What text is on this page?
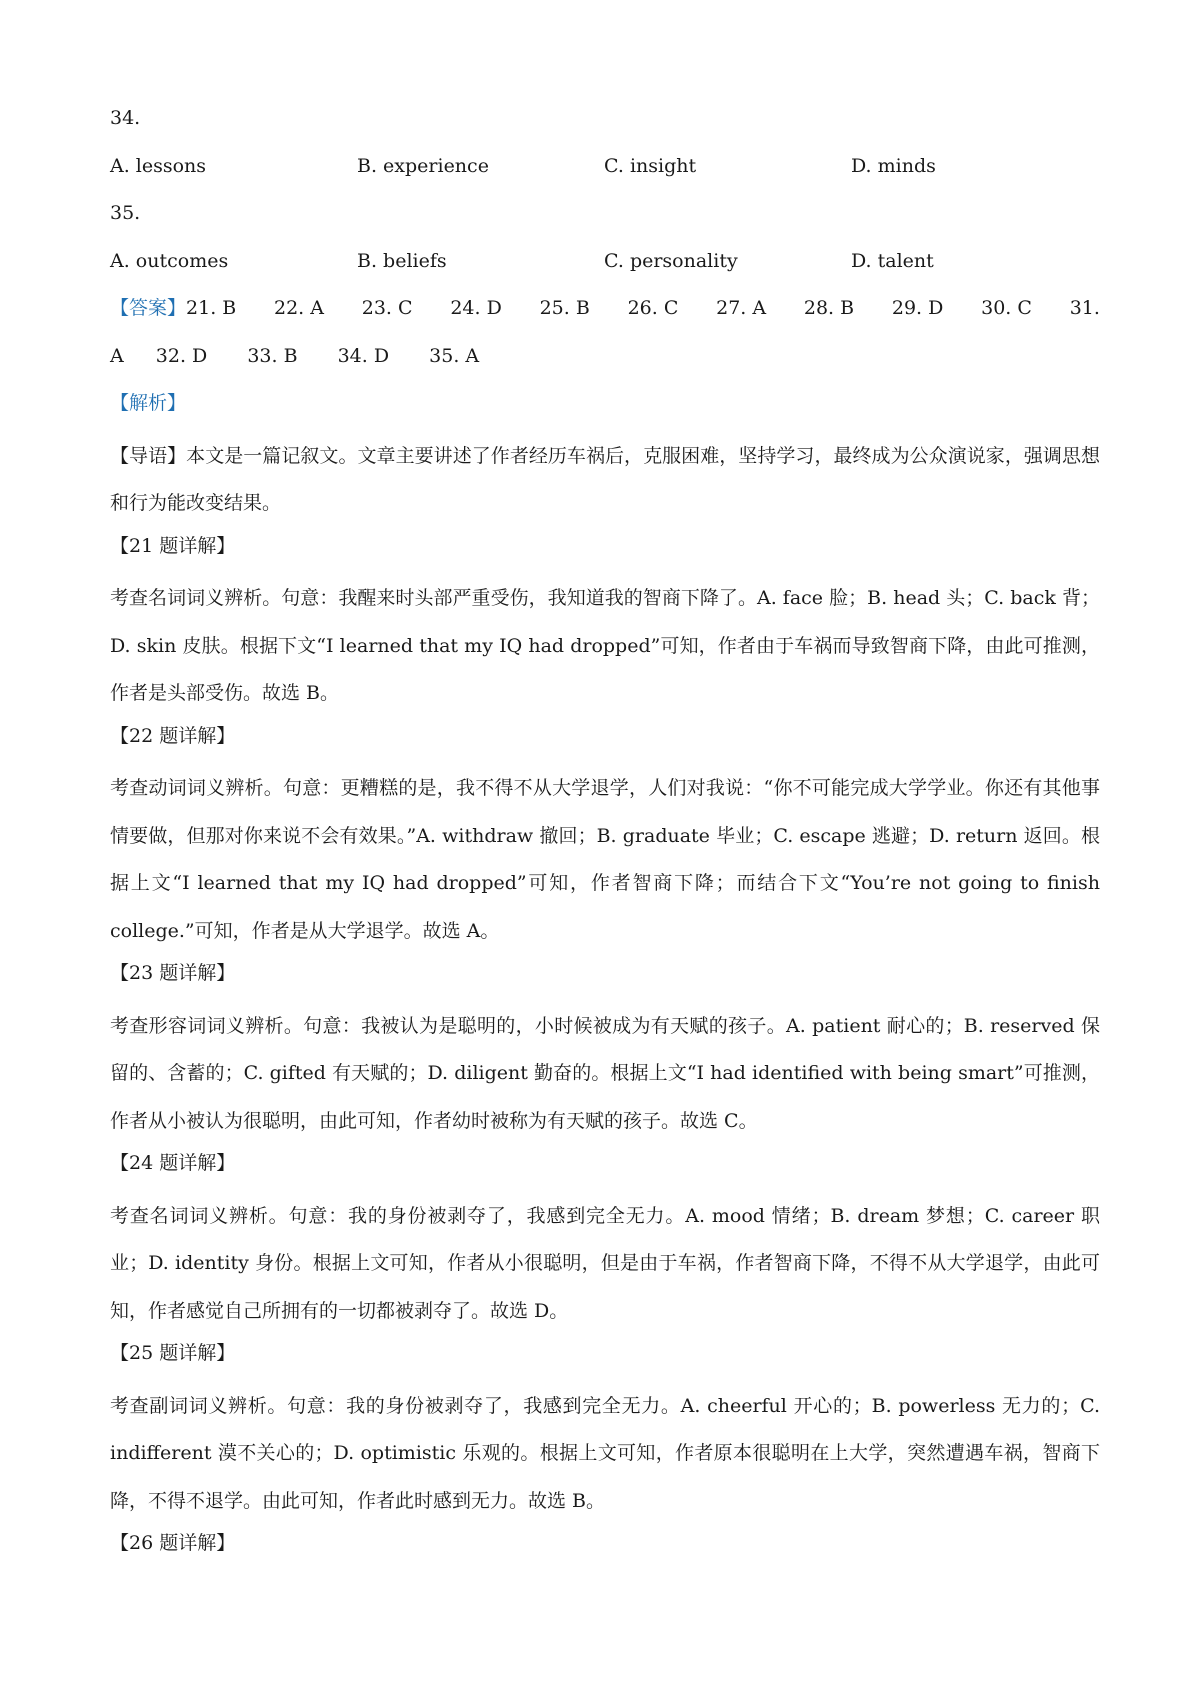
34.
A. lessons	B. experience	C. insight	D. minds
35.
A. outcomes	B. beliefs	C. personality	D. talent
【答案】21. B 22. A 23. C 24. D 25. B 26. C 27. A 28. B 29. D 30. C 31.
A 32. D 33. B 34. D 35. A
【解析】
【导语】本文是一篇记叙文。文章主要讲述了作者经历车祸后，克服困难，坚持学习，最终成为公众演说家，强调思想和行为能改变结果。
【21 题详解】
考查名词词义辨析。句意：我醒来时头部严重受伤，我知道我的智商下降了。A. face 脸；B. head 头；C. back 背；D. skin 皮肤。根据下文“I learned that my IQ had dropped”可知，作者由于车祸而导致智商下降，由此可推测，作者是头部受伤。故选 B。
【22 题详解】
考查动词词义辨析。句意：更糟糕的是，我不得不从大学退学，人们对我说：“你不可能完成大学学业。你还有其他事情要做，但那对你来说不会有效果。”A. withdraw 撤回；B. graduate 毕业；C. escape 逃避；D. return 返回。根据上文“I learned that my IQ had dropped”可知，作者智商下降；而结合下文“You’re not going to finish college.”可知，作者是从大学退学。故选 A。
【23 题详解】
考查形容词词义辨析。句意：我被认为是聪明的，小时候被成为有天赋的孩子。A. patient 耐心的；B. reserved 保留的、含蓄的；C. gifted 有天赋的；D. diligent 勤奋的。根据上文“I had identified with being smart”可推测，作者从小被认为很聪明，由此可知，作者幼时被称为有天赋的孩子。故选 C。
【24 题详解】
考查名词词义辨析。句意：我的身份被剥夺了，我感到完全无力。A. mood 情绪；B. dream 梦想；C. career 职业；D. identity 身份。根据上文可知，作者从小很聪明，但是由于车祸，作者智商下降，不得不从大学退学，由此可知，作者感觉自己所拥有的一切都被剥夺了。故选 D。
【25 题详解】
考查副词词义辨析。句意：我的身份被剥夺了，我感到完全无力。A. cheerful 开心的；B. powerless 无力的；C. indifferent 漠不关心的；D. optimistic 乐观的。根据上文可知，作者原本很聪明在上大学，突然遭遇车祸，智商下降，不得不退学。由此可知，作者此时感到无力。故选 B。
【26 题详解】
